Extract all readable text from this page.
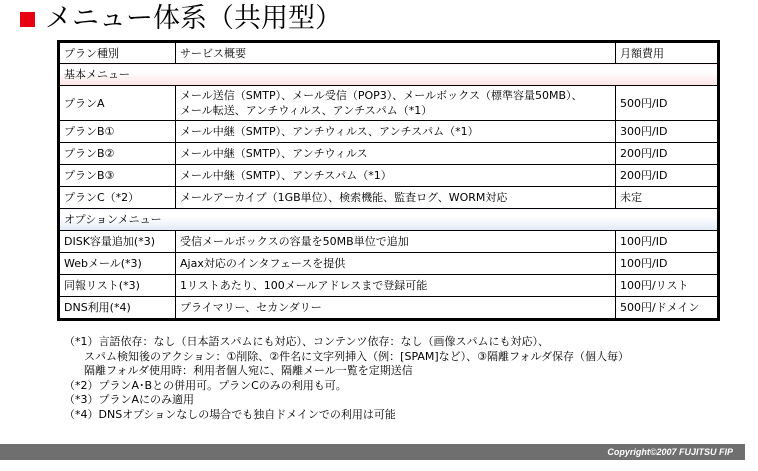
メニュー体系（共用型）
プラン種別	サービス概要	月額費用
基本メニュー		
プランA	メール送信（SMTP）、メール受信（POP3）、メールボックス（標準容量50MB）、
メール転送、アンチウィルス、アンチスパム（*1）	500円/ID
プランB①	メール中継（SMTP）、アンチウィルス、アンチスパム（*1）	300円/ID
プランB②	メール中継（SMTP）、アンチウィルス	200円/ID
プランB③	メール中継（SMTP）、アンチスパム（*1）	200円/ID
プランC（*2）	メールアーカイブ（1GB単位）、検索機能、監査ログ、WORM対応	未定
オプションメニュー		
DISK容量追加(*3)	受信メールボックスの容量を50MB単位で追加	100円/ID
Webメール(*3)	Ajax対応のインタフェースを提供	100円/ID
同報リスト(*3)	1リストあたり、100メールアドレスまで登録可能	100円/リスト
DNS利用(*4)	プライマリー、セカンダリー	500円/ドメイン
（*1）言語依存：なし（日本語スパムにも対応）、コンテンツ依存：なし（画像スパムにも対応）、
スパム検知後のアクション：①削除、②件名に文字列挿入（例：[SPAM]など）、③隔離フォルダ保存（個人毎）
隔離フォルダ使用時：利用者個人宛に、隔離メール一覧を定期送信
（*2）プランA･Bとの併用可。プランCのみの利用も可。
（*3）プランAにのみ適用
（*4）DNSオプションなしの場合でも独自ドメインでの利用は可能
Copyright©2007 FUJITSU FIP
